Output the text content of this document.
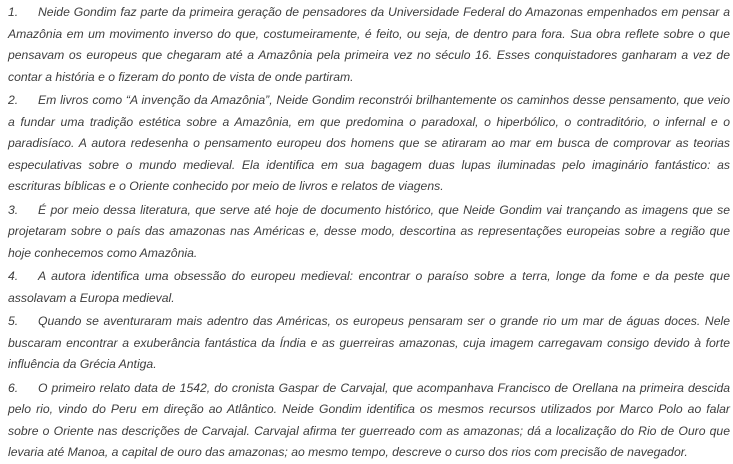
1. Neide Gondim faz parte da primeira geração de pensadores da Universidade Federal do Amazonas empenhados em pensar a Amazônia em um movimento inverso do que, costumeiramente, é feito, ou seja, de dentro para fora. Sua obra reflete sobre o que pensavam os europeus que chegaram até a Amazônia pela primeira vez no século 16. Esses conquistadores ganharam a vez de contar a história e o fizeram do ponto de vista de onde partiram.

2. Em livros como “A invenção da Amazônia”, Neide Gondim reconstrói brilhantemente os caminhos desse pensamento, que veio a fundar uma tradição estética sobre a Amazônia, em que predomina o paradoxal, o hiperbólico, o contraditório, o infernal e o paradisíaco. A autora redesenha o pensamento europeu dos homens que se atiraram ao mar em busca de comprovar as teorias especulativas sobre o mundo medieval. Ela identifica em sua bagagem duas lupas iluminadas pelo imaginário fantástico: as escrituras bíblicas e o Oriente conhecido por meio de livros e relatos de viagens.

3. É por meio dessa literatura, que serve até hoje de documento histórico, que Neide Gondim vai trançando as imagens que se projetaram sobre o país das amazonas nas Américas e, desse modo, descortina as representações europeias sobre a região que hoje conhecemos como Amazônia.

4. A autora identifica uma obsessão do europeu medieval: encontrar o paraíso sobre a terra, longe da fome e da peste que assolavam a Europa medieval.

5. Quando se aventuraram mais adentro das Américas, os europeus pensaram ser o grande rio um mar de águas doces. Nele buscaram encontrar a exuberância fantástica da Índia e as guerreiras amazonas, cuja imagem carregavam consigo devido à forte influência da Grécia Antiga.

6. O primeiro relato data de 1542, do cronista Gaspar de Carvajal, que acompanhava Francisco de Orellana na primeira descida pelo rio, vindo do Peru em direção ao Atlântico. Neide Gondim identifica os mesmos recursos utilizados por Marco Polo ao falar sobre o Oriente nas descrições de Carvajal. Carvajal afirma ter guerreado com as amazonas; dá a localização do Rio de Ouro que levaria até Manoa, a capital de ouro das amazonas; ao mesmo tempo, descreve o curso dos rios com precisão de navegador.
